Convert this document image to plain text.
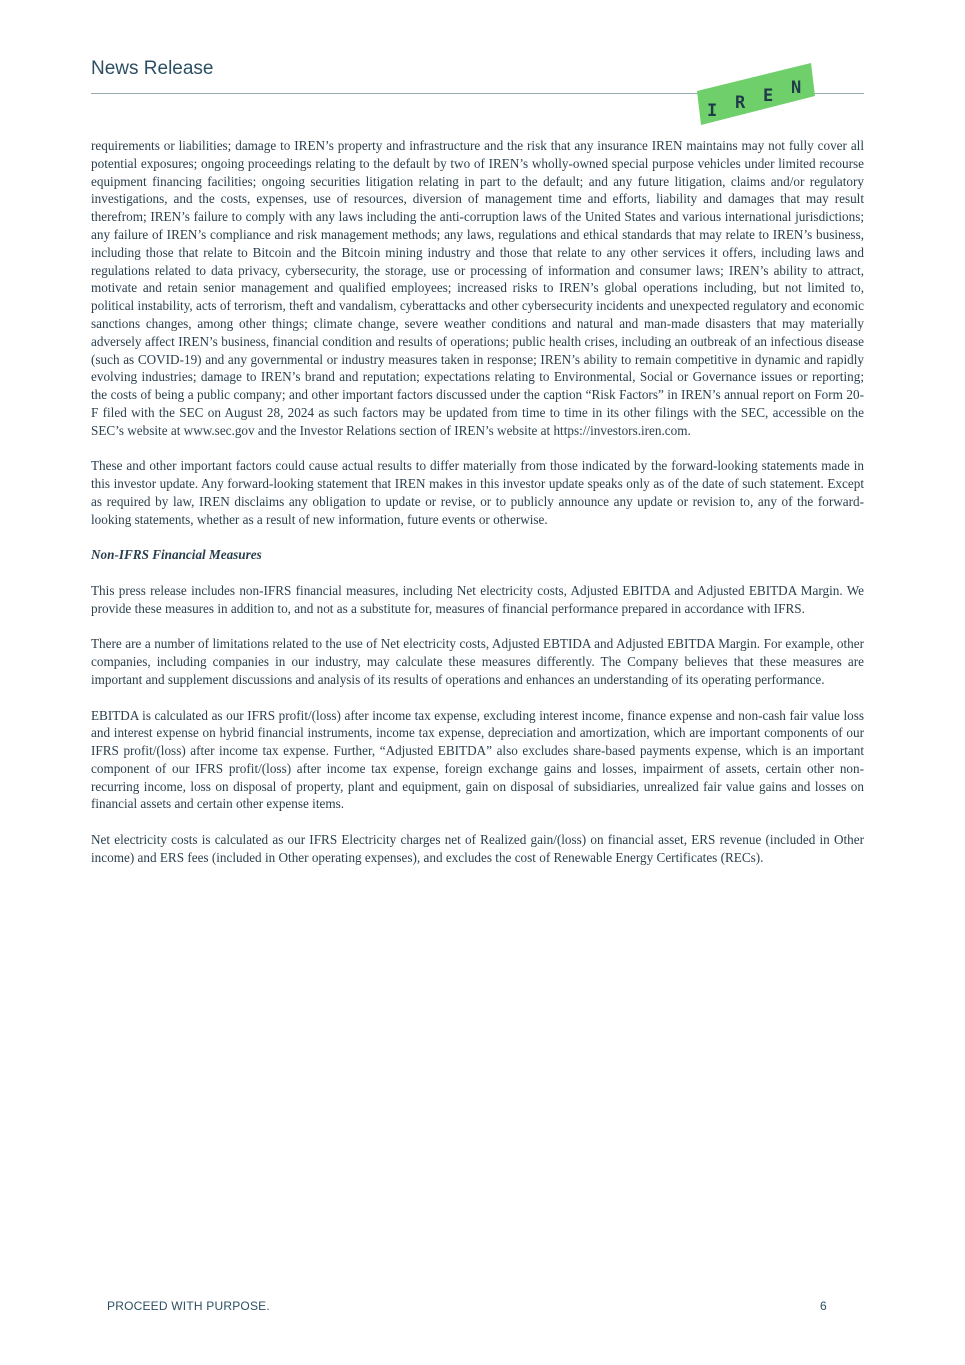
News Release
I R E N

requirements or liabilities; damage to IREN’s property and infrastructure and the risk that any insurance IREN maintains may not fully cover all potential exposures; ongoing proceedings relating to the default by two of IREN’s wholly-owned special purpose vehicles under limited recourse equipment financing facilities; ongoing securities litigation relating in part to the default; and any future litigation, claims and/or regulatory investigations, and the costs, expenses, use of resources, diversion of management time and efforts, liability and damages that may result therefrom; IREN’s failure to comply with any laws including the anti-corruption laws of the United States and various international jurisdictions; any failure of IREN’s compliance and risk management methods; any laws, regulations and ethical standards that may relate to IREN’s business, including those that relate to Bitcoin and the Bitcoin mining industry and those that relate to any other services it offers, including laws and regulations related to data privacy, cybersecurity, the storage, use or processing of information and consumer laws; IREN’s ability to attract, motivate and retain senior management and qualified employees; increased risks to IREN’s global operations including, but not limited to, political instability, acts of terrorism, theft and vandalism, cyberattacks and other cybersecurity incidents and unexpected regulatory and economic sanctions changes, among other things; climate change, severe weather conditions and natural and man-made disasters that may materially adversely affect IREN’s business, financial condition and results of operations; public health crises, including an outbreak of an infectious disease (such as COVID-19) and any governmental or industry measures taken in response; IREN’s ability to remain competitive in dynamic and rapidly evolving industries; damage to IREN’s brand and reputation; expectations relating to Environmental, Social or Governance issues or reporting; the costs of being a public company; and other important factors discussed under the caption “Risk Factors” in IREN’s annual report on Form 20-F filed with the SEC on August 28, 2024 as such factors may be updated from time to time in its other filings with the SEC, accessible on the SEC’s website at www.sec.gov and the Investor Relations section of IREN’s website at https://investors.iren.com.

These and other important factors could cause actual results to differ materially from those indicated by the forward-looking statements made in this investor update. Any forward-looking statement that IREN makes in this investor update speaks only as of the date of such statement. Except as required by law, IREN disclaims any obligation to update or revise, or to publicly announce any update or revision to, any of the forward-looking statements, whether as a result of new information, future events or otherwise.

Non-IFRS Financial Measures

This press release includes non-IFRS financial measures, including Net electricity costs, Adjusted EBITDA and Adjusted EBITDA Margin. We provide these measures in addition to, and not as a substitute for, measures of financial performance prepared in accordance with IFRS.

There are a number of limitations related to the use of Net electricity costs, Adjusted EBTIDA and Adjusted EBITDA Margin. For example, other companies, including companies in our industry, may calculate these measures differently. The Company believes that these measures are important and supplement discussions and analysis of its results of operations and enhances an understanding of its operating performance.

EBITDA is calculated as our IFRS profit/(loss) after income tax expense, excluding interest income, finance expense and non-cash fair value loss and interest expense on hybrid financial instruments, income tax expense, depreciation and amortization, which are important components of our IFRS profit/(loss) after income tax expense. Further, “Adjusted EBITDA” also excludes share-based payments expense, which is an important component of our IFRS profit/(loss) after income tax expense, foreign exchange gains and losses, impairment of assets, certain other non-recurring income, loss on disposal of property, plant and equipment, gain on disposal of subsidiaries, unrealized fair value gains and losses on financial assets and certain other expense items.

Net electricity costs is calculated as our IFRS Electricity charges net of Realized gain/(loss) on financial asset, ERS revenue (included in Other income) and ERS fees (included in Other operating expenses), and excludes the cost of Renewable Energy Certificates (RECs).

PROCEED WITH PURPOSE.	6
